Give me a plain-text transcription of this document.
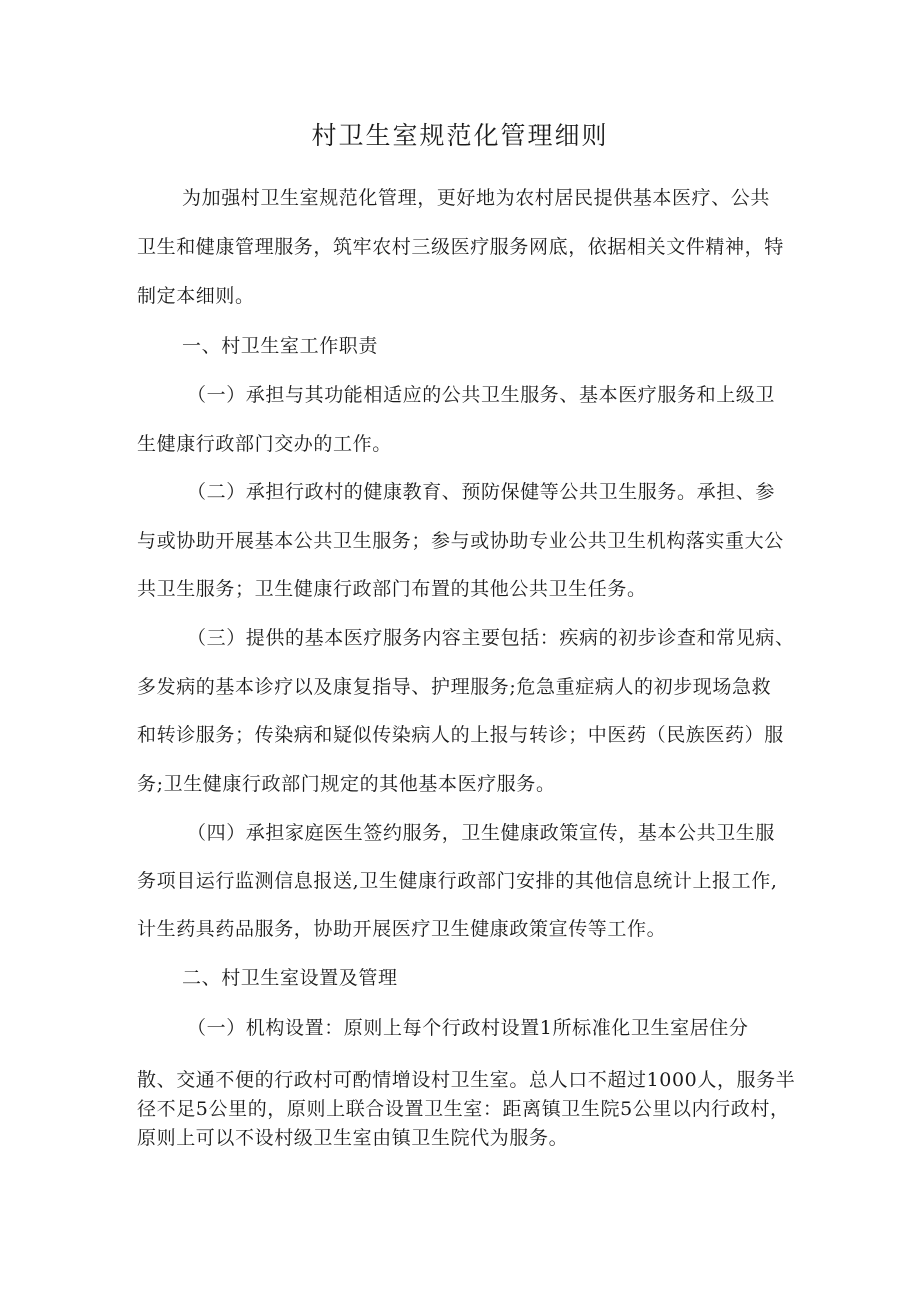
村卫生室规范化管理细则
为加强村卫生室规范化管理，更好地为农村居民提供基本医疗、公共
卫生和健康管理服务，筑牢农村三级医疗服务网底，依据相关文件精神，特
制定本细则。
一、村卫生室工作职责
（一）承担与其功能相适应的公共卫生服务、基本医疗服务和上级卫
生健康行政部门交办的工作。
（二）承担行政村的健康教育、预防保健等公共卫生服务。承担、参
与或协助开展基本公共卫生服务；参与或协助专业公共卫生机构落实重大公
共卫生服务；卫生健康行政部门布置的其他公共卫生任务。
（三）提供的基本医疗服务内容主要包括：疾病的初步诊查和常见病、
多发病的基本诊疗以及康复指导、护理服务;危急重症病人的初步现场急救
和转诊服务；传染病和疑似传染病人的上报与转诊；中医药（民族医药）服
务;卫生健康行政部门规定的其他基本医疗服务。
（四）承担家庭医生签约服务，卫生健康政策宣传，基本公共卫生服
务项目运行监测信息报送,卫生健康行政部门安排的其他信息统计上报工作,
计生药具药品服务，协助开展医疗卫生健康政策宣传等工作。
二、村卫生室设置及管理
（一）机构设置：原则上每个行政村设置1所标准化卫生室居住分
散、交通不便的行政村可酌情增设村卫生室。总人口不超过1000人，服务半
径不足5公里的，原则上联合设置卫生室：距离镇卫生院5公里以内行政村，
原则上可以不设村级卫生室由镇卫生院代为服务。
